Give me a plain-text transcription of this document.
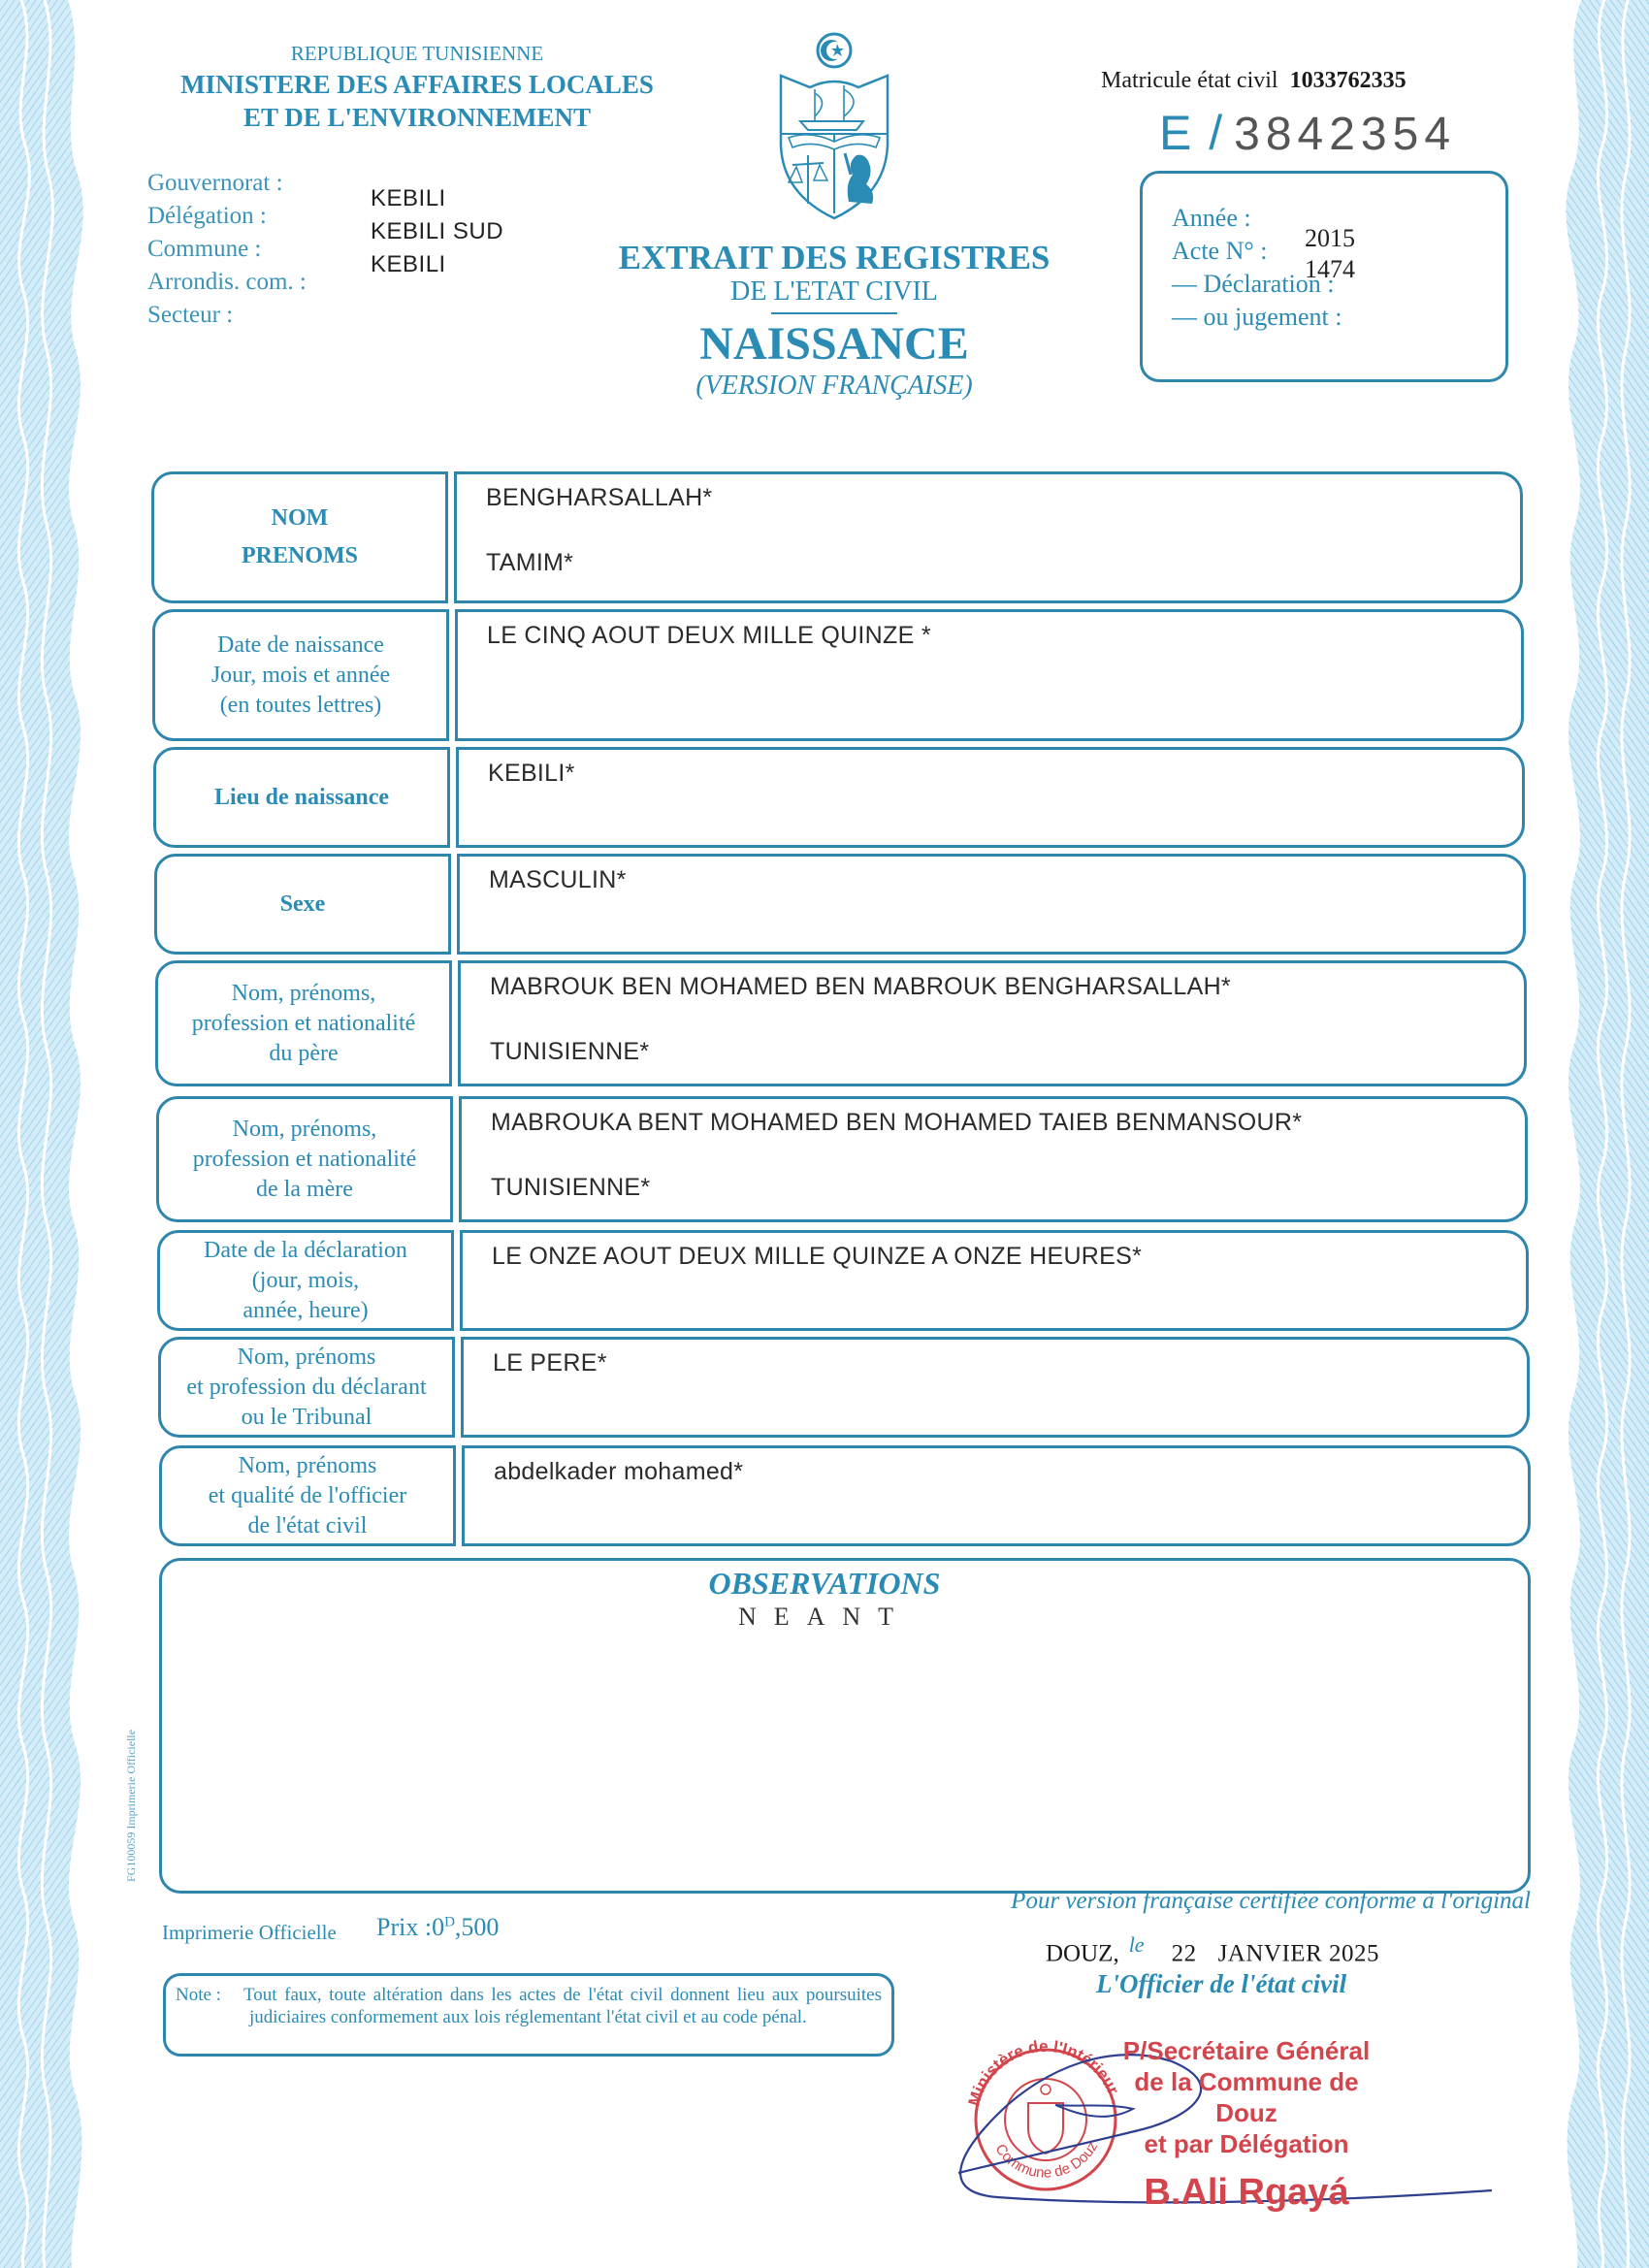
REPUBLIQUE TUNISIENNE
MINISTERE DES AFFAIRES LOCALES
ET DE L'ENVIRONNEMENT
Gouvernorat :
Délégation :
Commune :
Arrondis. com. :
Secteur :
KEBILI
KEBILI SUD
KEBILI	EXTRAIT DES REGISTRES
DE L'ETAT CIVIL
NAISSANCE
(VERSION FRANÇAISE)
Matricule état civil 1033762335
E / 3842354
Année :
Acte N° :
— Déclaration :
— ou jugement :
2015
1474
NOM
PRENOMS
BENGHARSALLAH*
TAMIM*
Date de naissance
Jour, mois et année
(en toutes lettres)
LE CINQ AOUT DEUX MILLE QUINZE *
Lieu de naissance
KEBILI*
Sexe
MASCULIN*
Nom, prénoms,
profession et nationalité
du père
MABROUK BEN MOHAMED BEN MABROUK BENGHARSALLAH*
TUNISIENNE*
Nom, prénoms,
profession et nationalité
de la mère
MABROUKA BENT MOHAMED BEN MOHAMED TAIEB BENMANSOUR*
TUNISIENNE*
Date de la déclaration
(jour, mois,
année, heure)
LE ONZE AOUT DEUX MILLE QUINZE A ONZE HEURES*
Nom, prénoms
et profession du déclarant
ou le Tribunal
LE PERE*
Nom, prénoms
et qualité de l'officier
de l'état civil
abdelkader mohamed*
OBSERVATIONS
NEANT
FG100059 Imprimerie Officielle
Imprimerie Officielle Prix $:0^D,500$
Note :	Tout faux, toute altération dans les actes de l'état civil donnent lieu aux poursuites judiciaires conformement aux lois réglementant l'état civil et au code pénal.
Pour version française certifiée conforme à l'original
DOUZ, le 22 JANVIER 2025
L'Officier de l'état civil
Ministère de l'Intérieur
Commune de Douz
P/Secrétaire Général
de la Commune de Douz
et par Délégation
B.Ali Rgayá
